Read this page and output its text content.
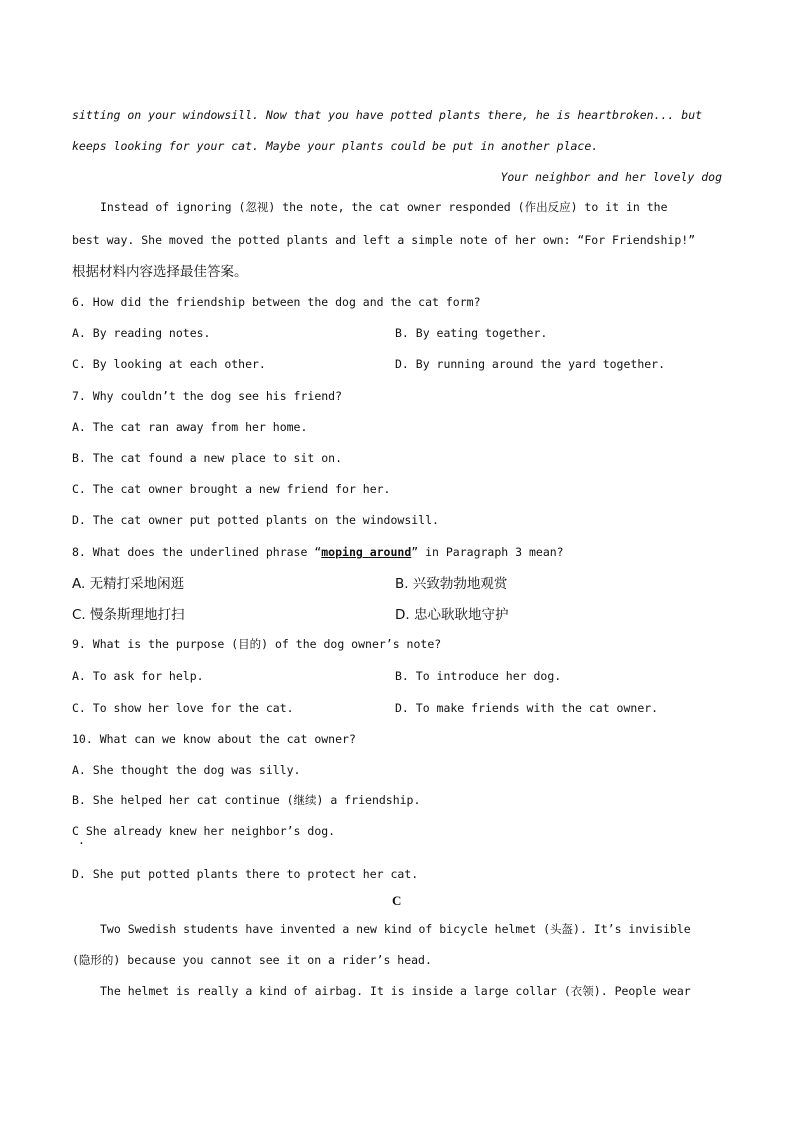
sitting on your windowsill. Now that you have potted plants there, he is heartbroken... but
keeps looking for your cat. Maybe your plants could be put in another place.
Your neighbor and her lovely dog
Instead of ignoring (忽视) the note, the cat owner responded (作出反应) to it in the
best way. She moved the potted plants and left a simple note of her own: “For Friendship!”
根据材料内容选择最佳答案。
6. How did the friendship between the dog and the cat form?
A. By reading notes.	B. By eating together.
C. By looking at each other.	D. By running around the yard together.
7. Why couldn’t the dog see his friend?
A. The cat ran away from her home.
B. The cat found a new place to sit on.
C. The cat owner brought a new friend for her.
D. The cat owner put potted plants on the windowsill.
8. What does the underlined phrase “moping around” in Paragraph 3 mean?
A. 无精打采地闲逛	B. 兴致勃勃地观赏
C. 慢条斯理地打扫	D. 忠心耿耿地守护
9. What is the purpose (目的) of the dog owner’s note?
A. To ask for help.	B. To introduce her dog.
C. To show her love for the cat.	D. To make friends with the cat owner.
10. What can we know about the cat owner?
A. She thought the dog was silly.
B. She helped her cat continue (继续) a friendship.
C She already knew her neighbor’s dog.
·
D. She put potted plants there to protect her cat.
C
Two Swedish students have invented a new kind of bicycle helmet (头盔). It’s invisible
(隐形的) because you cannot see it on a rider’s head.
The helmet is really a kind of airbag. It is inside a large collar (衣领). People wear
